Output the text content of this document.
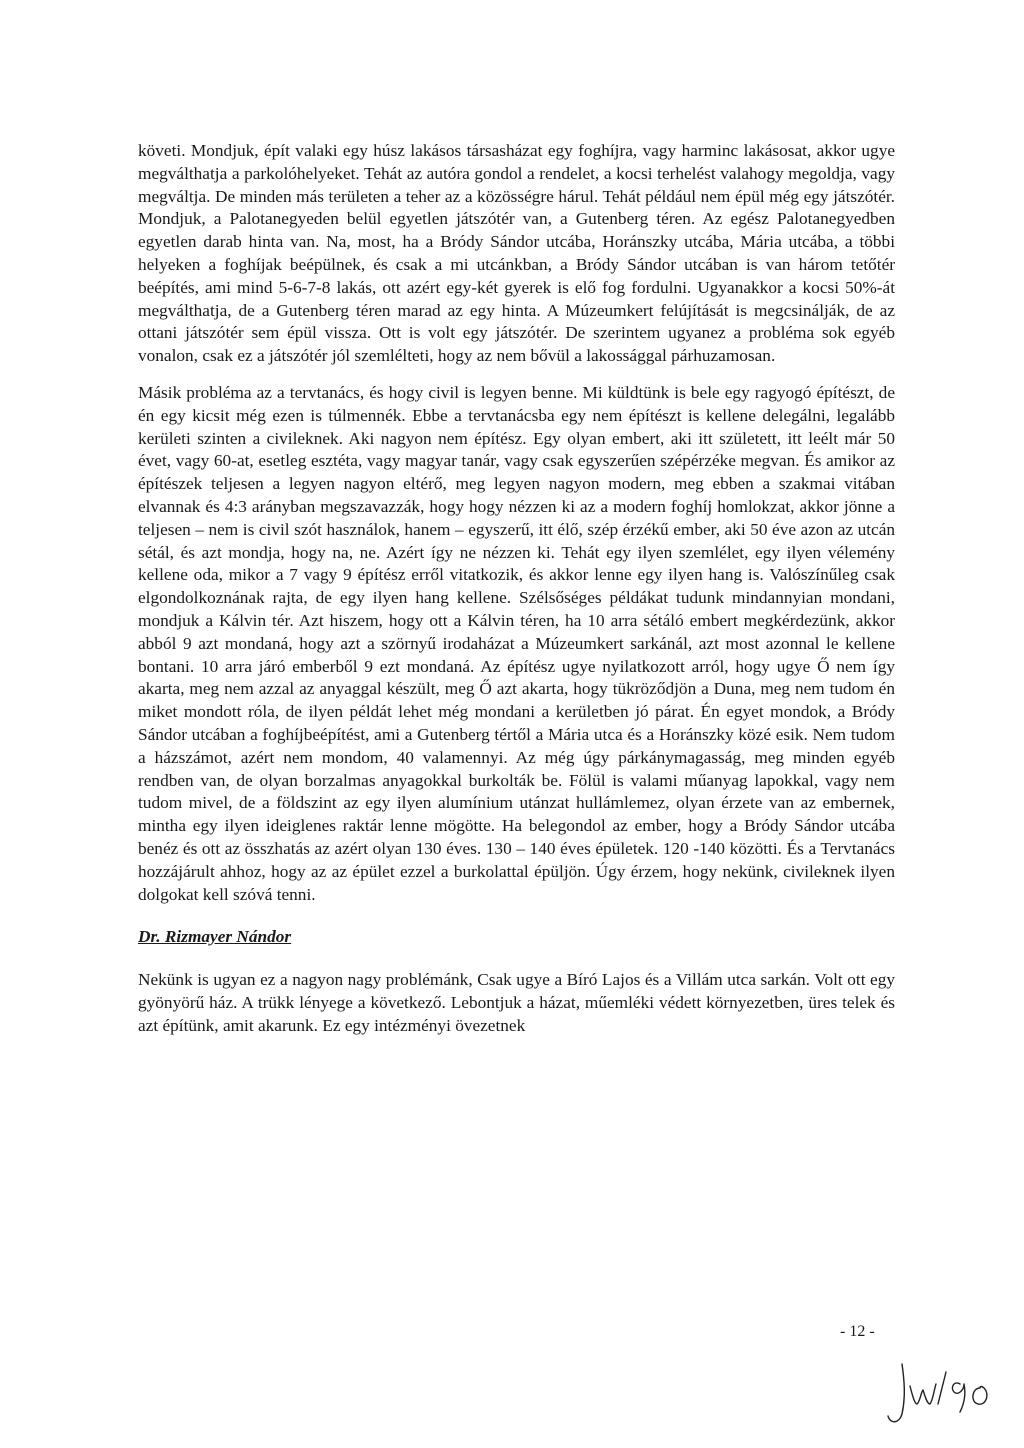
követi. Mondjuk, épít valaki egy húsz lakásos társasházat egy foghíjra, vagy harminc lakásosat, akkor ugye megválthatja a parkolóhelyeket. Tehát az autóra gondol a rendelet, a kocsi terhelést valahogy megoldja, vagy megváltja. De minden más területen a teher az a közösségre hárul. Tehát például nem épül még egy játszótér. Mondjuk, a Palotanegyeden belül egyetlen játszótér van, a Gutenberg téren. Az egész Palotanegyedben egyetlen darab hinta van. Na, most, ha a Bródy Sándor utcába, Horánszky utcába, Mária utcába, a többi helyeken a foghíjak beépülnek, és csak a mi utcánkban, a Bródy Sándor utcában is van három tetőtér beépítés, ami mind 5-6-7-8 lakás, ott azért egy-két gyerek is elő fog fordulni. Ugyanakkor a kocsi 50%-át megválthatja, de a Gutenberg téren marad az egy hinta. A Múzeumkert felújítását is megcsinálják, de az ottani játszótér sem épül vissza. Ott is volt egy játszótér. De szerintem ugyanez a probléma sok egyéb vonalon, csak ez a játszótér jól szemlélteti, hogy az nem bővül a lakossággal párhuzamosan.

Másik probléma az a tervtanács, és hogy civil is legyen benne. Mi küldtünk is bele egy ragyogó építészt, de én egy kicsit még ezen is túlmennék. Ebbe a tervtanácsba egy nem építészt is kellene delegálni, legalább kerületi szinten a civileknek. Aki nagyon nem építész. Egy olyan embert, aki itt született, itt leélt már 50 évet, vagy 60-at, esetleg esztéta, vagy magyar tanár, vagy csak egyszerűen szépérzéke megvan. És amikor az építészek teljesen a legyen nagyon eltérő, meg legyen nagyon modern, meg ebben a szakmai vitában elvannak és 4:3 arányban megszavazzák, hogy hogy nézzen ki az a modern foghíj homlokzat, akkor jönne a teljesen – nem is civil szót használok, hanem – egyszerű, itt élő, szép érzékű ember, aki 50 éve azon az utcán sétál, és azt mondja, hogy na, ne. Azért így ne nézzen ki. Tehát egy ilyen szemlélet, egy ilyen vélemény kellene oda, mikor a 7 vagy 9 építész erről vitatkozik, és akkor lenne egy ilyen hang is. Valószínűleg csak elgondolkoznának rajta, de egy ilyen hang kellene. Szélsőséges példákat tudunk mindannyian mondani, mondjuk a Kálvin tér. Azt hiszem, hogy ott a Kálvin téren, ha 10 arra sétáló embert megkérdezünk, akkor abból 9 azt mondaná, hogy azt a szörnyű irodaházat a Múzeumkert sarkánál, azt most azonnal le kellene bontani. 10 arra járó emberből 9 ezt mondaná. Az építész ugye nyilatkozott arról, hogy ugye Ő nem így akarta, meg nem azzal az anyaggal készült, meg Ő azt akarta, hogy tükröződjön a Duna, meg nem tudom én miket mondott róla, de ilyen példát lehet még mondani a kerületben jó párat. Én egyet mondok, a Bródy Sándor utcában a foghíjbeépítést, ami a Gutenberg tértől a Mária utca és a Horánszky közé esik. Nem tudom a házszámot, azért nem mondom, 40 valamennyi. Az még úgy párkánymagasság, meg minden egyéb rendben van, de olyan borzalmas anyagokkal burkolták be. Fölül is valami műanyag lapokkal, vagy nem tudom mivel, de a földszint az egy ilyen alumínium utánzat hullámlemez, olyan érzete van az embernek, mintha egy ilyen ideiglenes raktár lenne mögötte. Ha belegondol az ember, hogy a Bródy Sándor utcába benéz és ott az összhatás az azért olyan 130 éves. 130 – 140 éves épületek. 120 -140 közötti. És a Tervtanács hozzájárult ahhoz, hogy az az épület ezzel a burkolattal épüljön. Úgy érzem, hogy nekünk, civileknek ilyen dolgokat kell szóvá tenni.

Dr. Rizmayer Nándor

Nekünk is ugyan ez a nagyon nagy problémánk, Csak ugye a Bíró Lajos és a Villám utca sarkán. Volt ott egy gyönyörű ház. A trükk lényege a következő. Lebontjuk a házat, műemléki védett környezetben, üres telek és azt építünk, amit akarunk. Ez egy intézményi övezetnek

- 12 -
